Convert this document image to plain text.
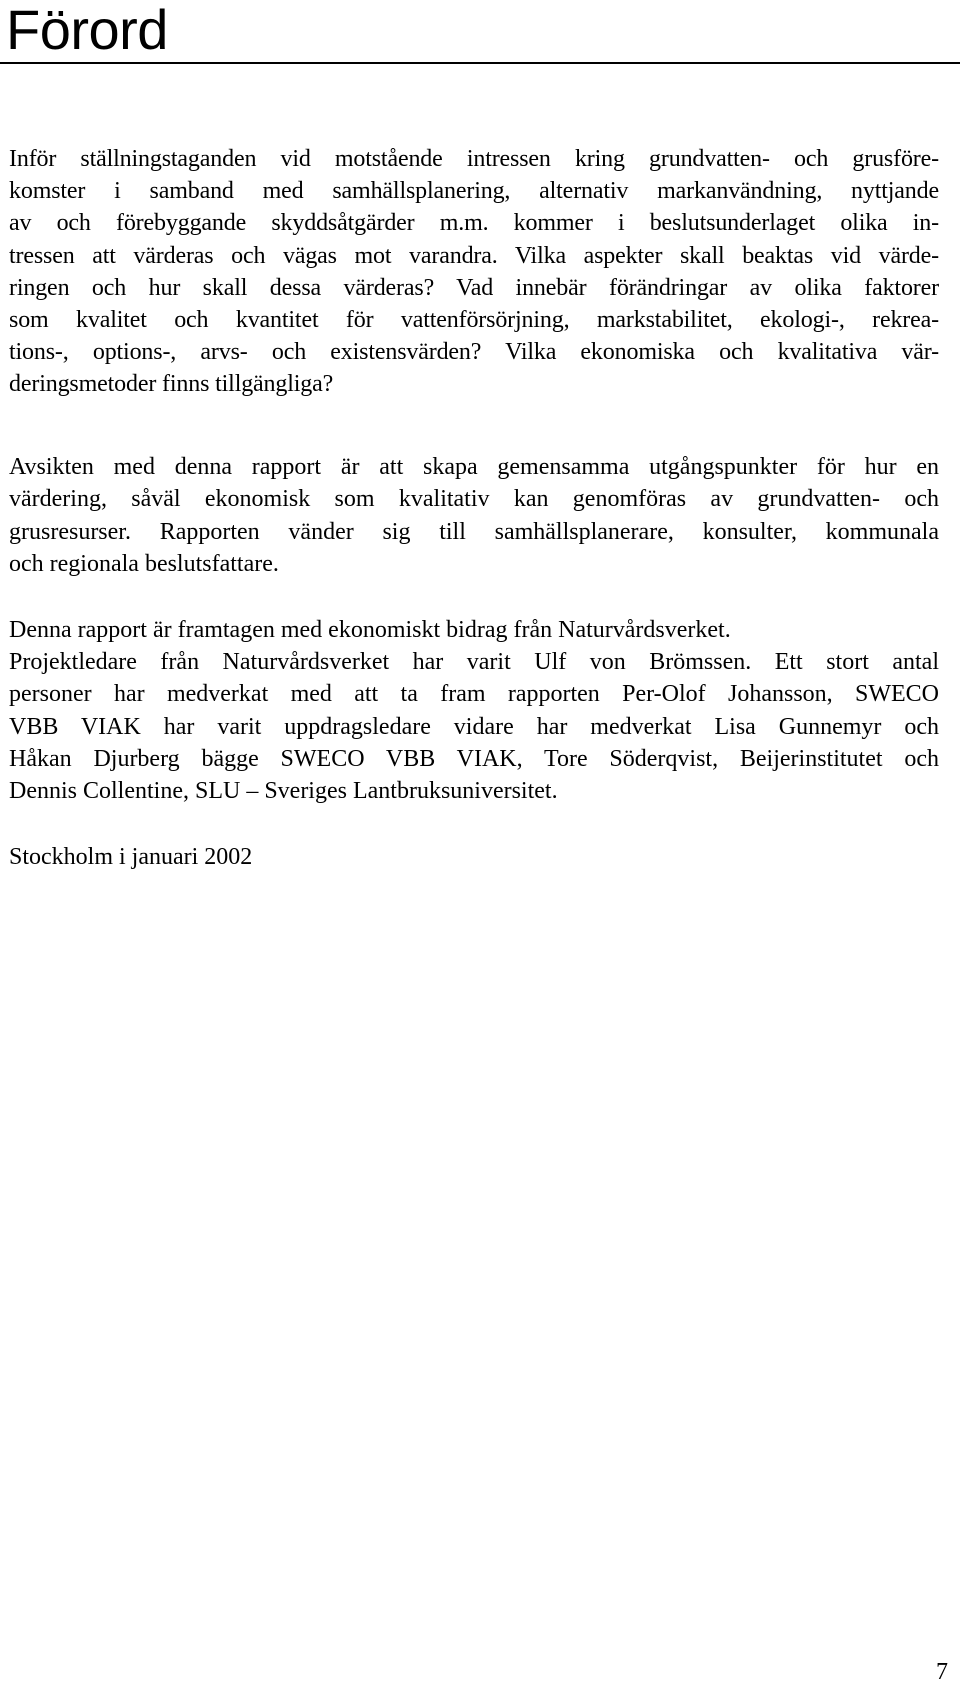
Förord
Inför ställningstaganden vid motstående intressen kring grundvatten- och grusföre-
komster i samband med samhällsplanering, alternativ markanvändning, nyttjande
av och förebyggande skyddsåtgärder m.m. kommer i beslutsunderlaget olika in-
tressen att värderas och vägas mot varandra. Vilka aspekter skall beaktas vid värde-
ringen och hur skall dessa värderas? Vad innebär förändringar av olika faktorer
som kvalitet och kvantitet för vattenförsörjning, markstabilitet, ekologi-, rekrea-
tions-, options-, arvs- och existensvärden? Vilka ekonomiska och kvalitativa vär-
deringsmetoder finns tillgängliga?
Avsikten med denna rapport är att skapa gemensamma utgångspunkter för hur en
värdering, såväl ekonomisk som kvalitativ kan genomföras av grundvatten- och
grusresurser. Rapporten vänder sig till samhällsplanerare, konsulter, kommunala
och regionala beslutsfattare.
Denna rapport är framtagen med ekonomiskt bidrag från Naturvårdsverket.
Projektledare från Naturvårdsverket har varit Ulf von Brömssen. Ett stort antal
personer har medverkat med att ta fram rapporten Per-Olof Johansson, SWECO
VBB VIAK har varit uppdragsledare vidare har medverkat Lisa Gunnemyr och
Håkan Djurberg bägge SWECO VBB VIAK, Tore Söderqvist, Beijerinstitutet och
Dennis Collentine, SLU – Sveriges Lantbruksuniversitet.
Stockholm i januari 2002
7
